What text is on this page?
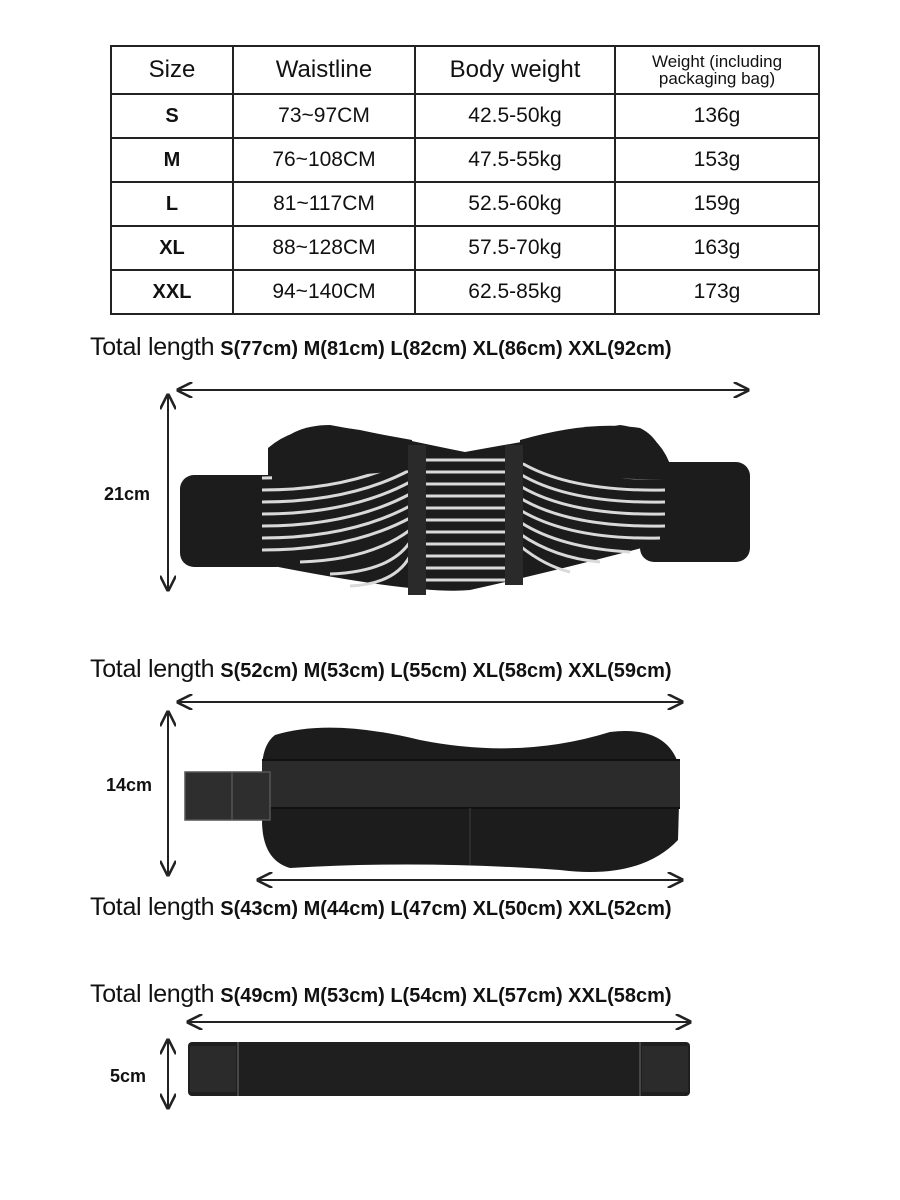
Size	Waistline	Body weight	Weight (including
packaging bag)
S	73~97CM	42.5-50kg	136g
M	76~108CM	47.5-55kg	153g
L	81~117CM	52.5-60kg	159g
XL	88~128CM	57.5-70kg	163g
XXL	94~140CM	62.5-85kg	173g
Total length S(77cm) M(81cm) L(82cm) XL(86cm) XXL(92cm)
21cm
Total length S(52cm) M(53cm) L(55cm) XL(58cm) XXL(59cm)
14cm
Total length S(43cm) M(44cm) L(47cm) XL(50cm) XXL(52cm)
Total length S(49cm) M(53cm) L(54cm) XL(57cm) XXL(58cm)
5cm
